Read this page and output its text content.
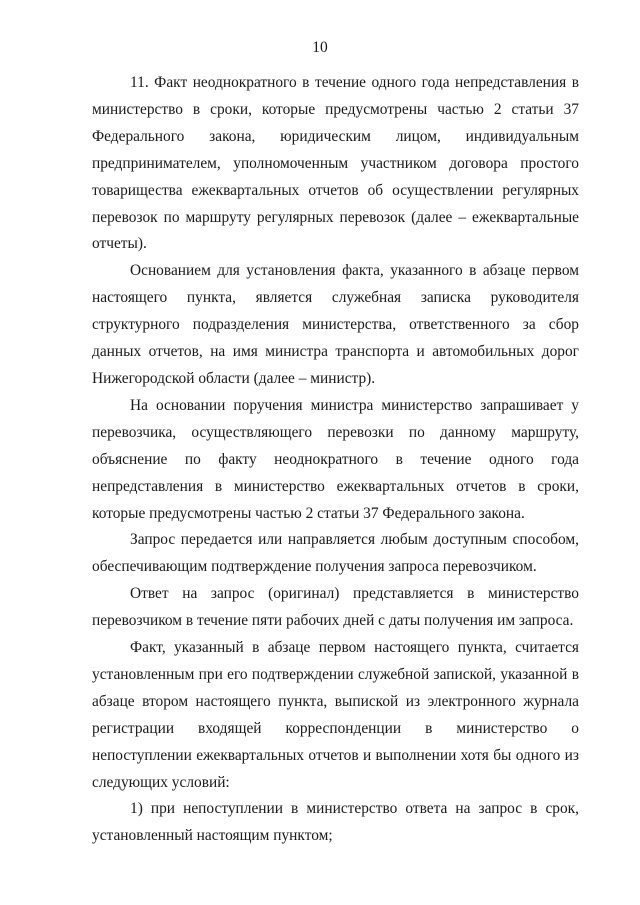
10

11. Факт неоднократного в течение одного года непредставления в министерство в сроки, которые предусмотрены частью 2 статьи 37 Федерального закона, юридическим лицом, индивидуальным предпринимателем, уполномоченным участником договора простого товарищества ежеквартальных отчетов об осуществлении регулярных перевозок по маршруту регулярных перевозок (далее – ежеквартальные отчеты).

Основанием для установления факта, указанного в абзаце первом настоящего пункта, является служебная записка руководителя структурного подразделения министерства, ответственного за сбор данных отчетов, на имя министра транспорта и автомобильных дорог Нижегородской области (далее – министр).

На основании поручения министра министерство запрашивает у перевозчика, осуществляющего перевозки по данному маршруту, объяснение по факту неоднократного в течение одного года непредставления в министерство ежеквартальных отчетов в сроки, которые предусмотрены частью 2 статьи 37 Федерального закона.

Запрос передается или направляется любым доступным способом, обеспечивающим подтверждение получения запроса перевозчиком.

Ответ на запрос (оригинал) представляется в министерство перевозчиком в течение пяти рабочих дней с даты получения им запроса.

Факт, указанный в абзаце первом настоящего пункта, считается установленным при его подтверждении служебной запиской, указанной в абзаце втором настоящего пункта, выпиской из электронного журнала регистрации входящей корреспонденции в министерство о непоступлении ежеквартальных отчетов и выполнении хотя бы одного из следующих условий:

1) при непоступлении в министерство ответа на запрос в срок, установленный настоящим пунктом;
